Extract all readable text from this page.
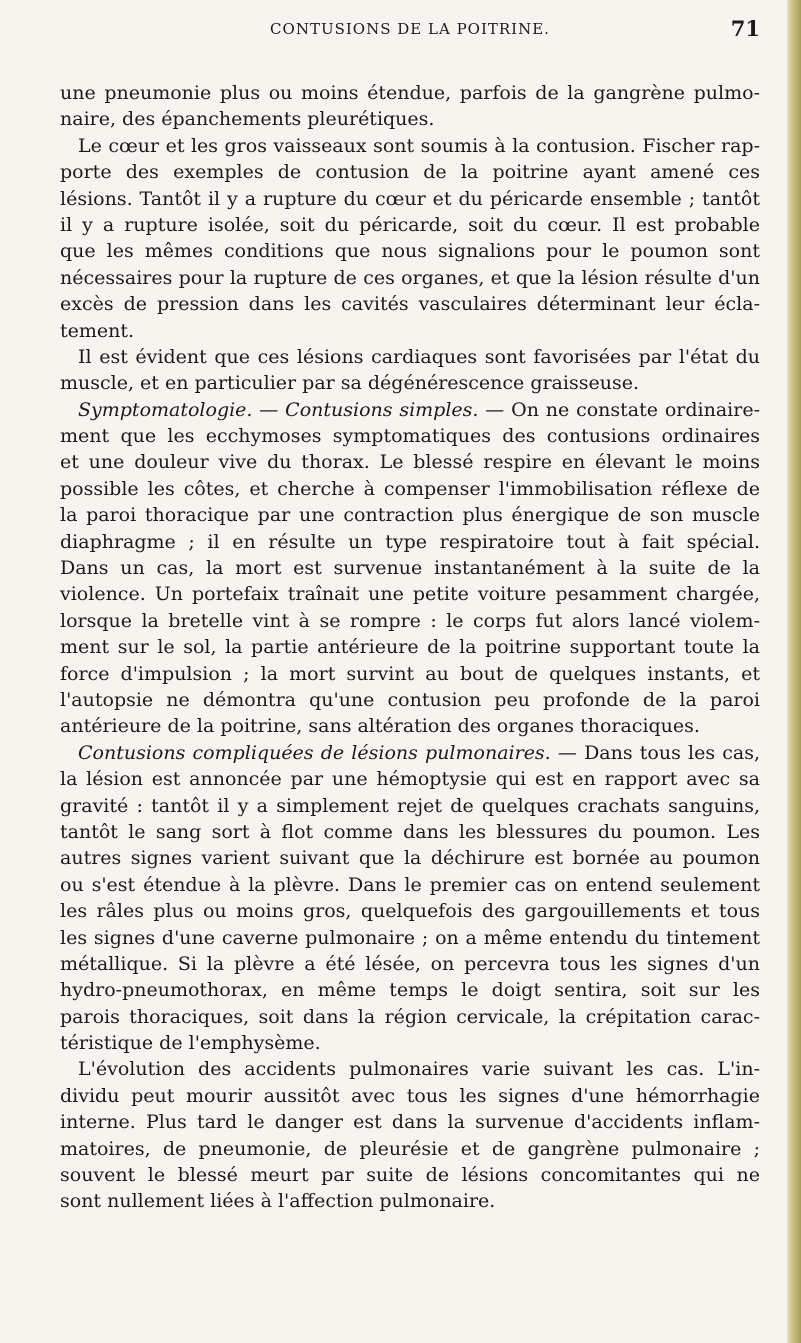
CONTUSIONS DE LA POITRINE.	71
une pneumonie plus ou moins étendue, parfois de la gangrène pulmo-
naire, des épanchements pleurétiques.
Le cœur et les gros vaisseaux sont soumis à la contusion. Fischer rap-
porte des exemples de contusion de la poitrine ayant amené ces
lésions. Tantôt il y a rupture du cœur et du péricarde ensemble ; tantôt
il y a rupture isolée, soit du péricarde, soit du cœur. Il est probable
que les mêmes conditions que nous signalions pour le poumon sont
nécessaires pour la rupture de ces organes, et que la lésion résulte d'un
excès de pression dans les cavités vasculaires déterminant leur écla-
tement.
Il est évident que ces lésions cardiaques sont favorisées par l'état du
muscle, et en particulier par sa dégénérescence graisseuse.
Symptomatologie. — Contusions simples. — On ne constate ordinaire-
ment que les ecchymoses symptomatiques des contusions ordinaires
et une douleur vive du thorax. Le blessé respire en élevant le moins
possible les côtes, et cherche à compenser l'immobilisation réflexe de
la paroi thoracique par une contraction plus énergique de son muscle
diaphragme ; il en résulte un type respiratoire tout à fait spécial.
Dans un cas, la mort est survenue instantanément à la suite de la
violence. Un portefaix traînait une petite voiture pesamment chargée,
lorsque la bretelle vint à se rompre : le corps fut alors lancé violem-
ment sur le sol, la partie antérieure de la poitrine supportant toute la
force d'impulsion ; la mort survint au bout de quelques instants, et
l'autopsie ne démontra qu'une contusion peu profonde de la paroi
antérieure de la poitrine, sans altération des organes thoraciques.
Contusions compliquées de lésions pulmonaires. — Dans tous les cas,
la lésion est annoncée par une hémoptysie qui est en rapport avec sa
gravité : tantôt il y a simplement rejet de quelques crachats sanguins,
tantôt le sang sort à flot comme dans les blessures du poumon. Les
autres signes varient suivant que la déchirure est bornée au poumon
ou s'est étendue à la plèvre. Dans le premier cas on entend seulement
les râles plus ou moins gros, quelquefois des gargouillements et tous
les signes d'une caverne pulmonaire ; on a même entendu du tintement
métallique. Si la plèvre a été lésée, on percevra tous les signes d'un
hydro-pneumothorax, en même temps le doigt sentira, soit sur les
parois thoraciques, soit dans la région cervicale, la crépitation carac-
téristique de l'emphysème.
L'évolution des accidents pulmonaires varie suivant les cas. L'in-
dividu peut mourir aussitôt avec tous les signes d'une hémorrhagie
interne. Plus tard le danger est dans la survenue d'accidents inflam-
matoires, de pneumonie, de pleurésie et de gangrène pulmonaire ;
souvent le blessé meurt par suite de lésions concomitantes qui ne
sont nullement liées à l'affection pulmonaire.
